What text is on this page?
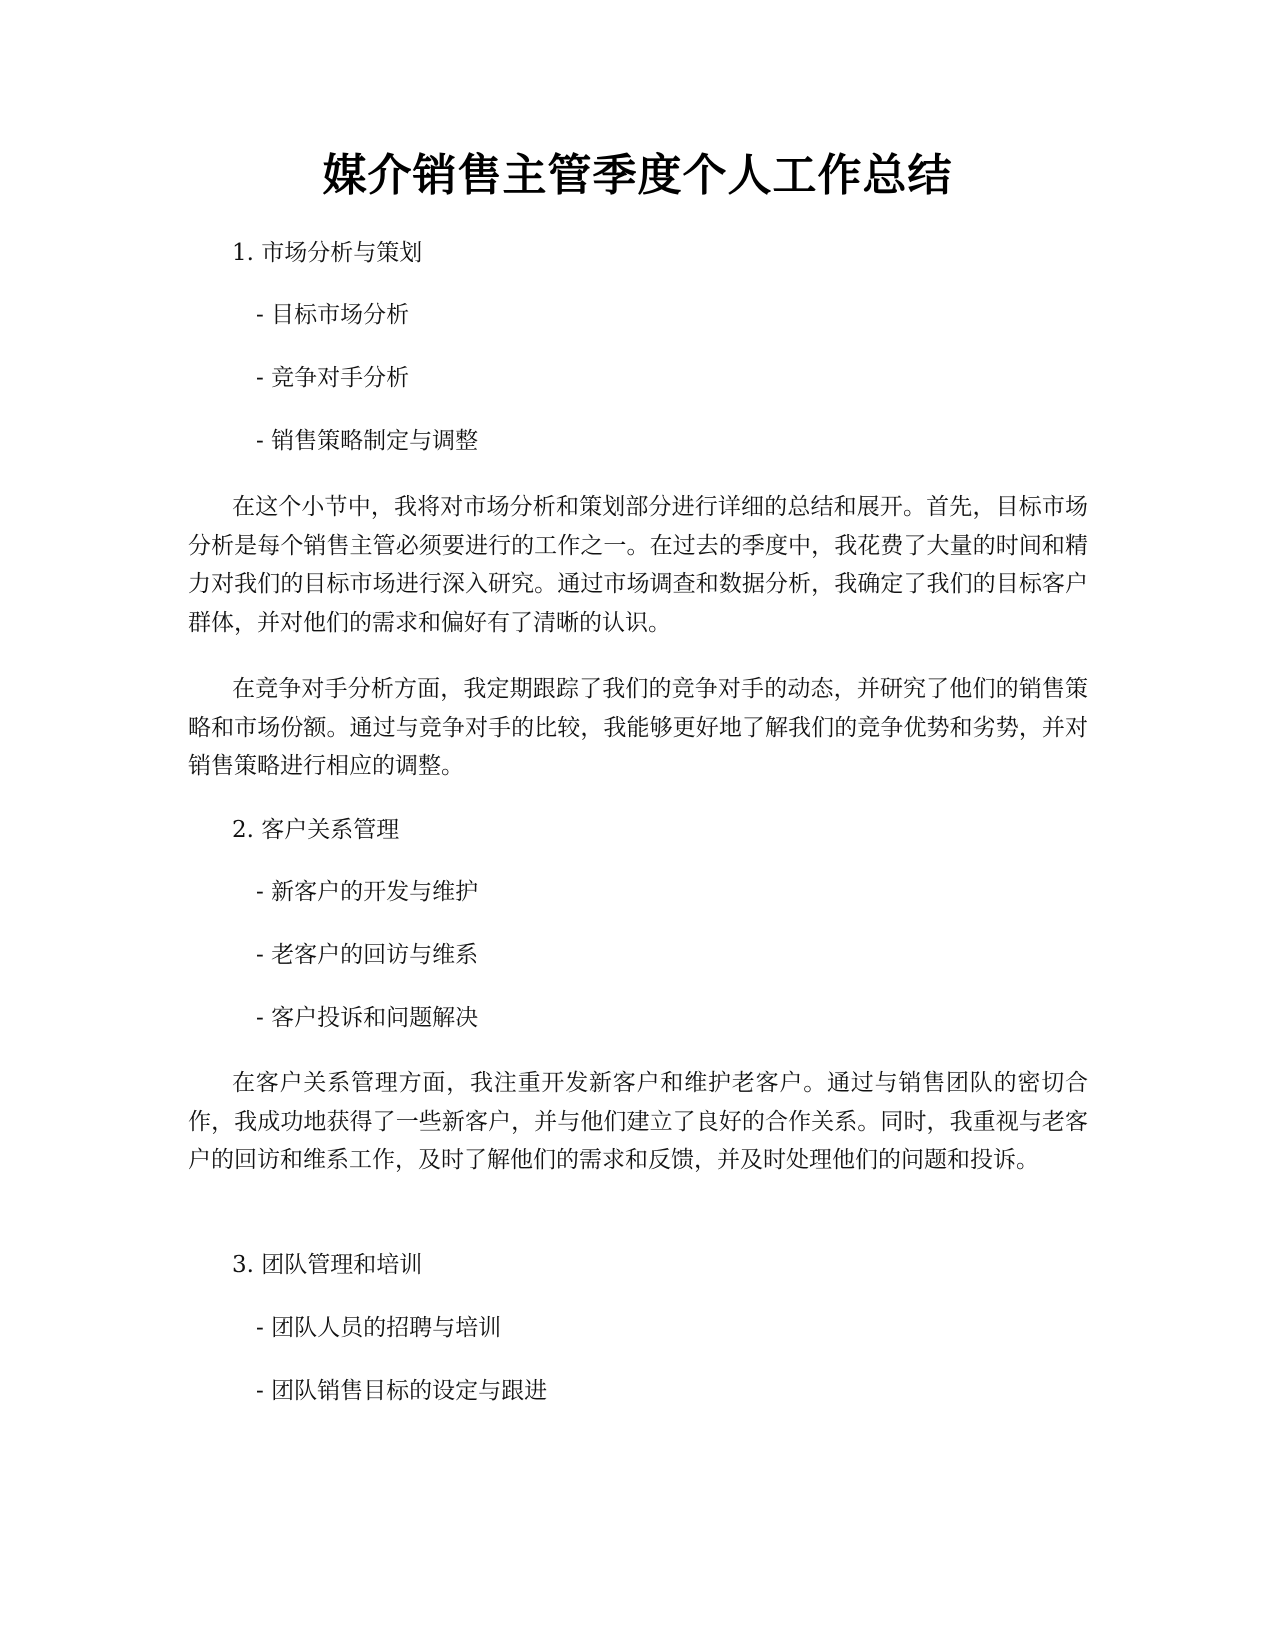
媒介销售主管季度个人工作总结
1. 市场分析与策划
- 目标市场分析
- 竞争对手分析
- 销售策略制定与调整

在这个小节中，我将对市场分析和策划部分进行详细的总结和展开。首先，目标市场分析是每个销售主管必须要进行的工作之一。在过去的季度中，我花费了大量的时间和精力对我们的目标市场进行深入研究。通过市场调查和数据分析，我确定了我们的目标客户群体，并对他们的需求和偏好有了清晰的认识。

在竞争对手分析方面，我定期跟踪了我们的竞争对手的动态，并研究了他们的销售策略和市场份额。通过与竞争对手的比较，我能够更好地了解我们的竞争优势和劣势，并对销售策略进行相应的调整。

2. 客户关系管理
- 新客户的开发与维护
- 老客户的回访与维系
- 客户投诉和问题解决

在客户关系管理方面，我注重开发新客户和维护老客户。通过与销售团队的密切合作，我成功地获得了一些新客户，并与他们建立了良好的合作关系。同时，我重视与老客户的回访和维系工作，及时了解他们的需求和反馈，并及时处理他们的问题和投诉。

3. 团队管理和培训
- 团队人员的招聘与培训
- 团队销售目标的设定与跟进
